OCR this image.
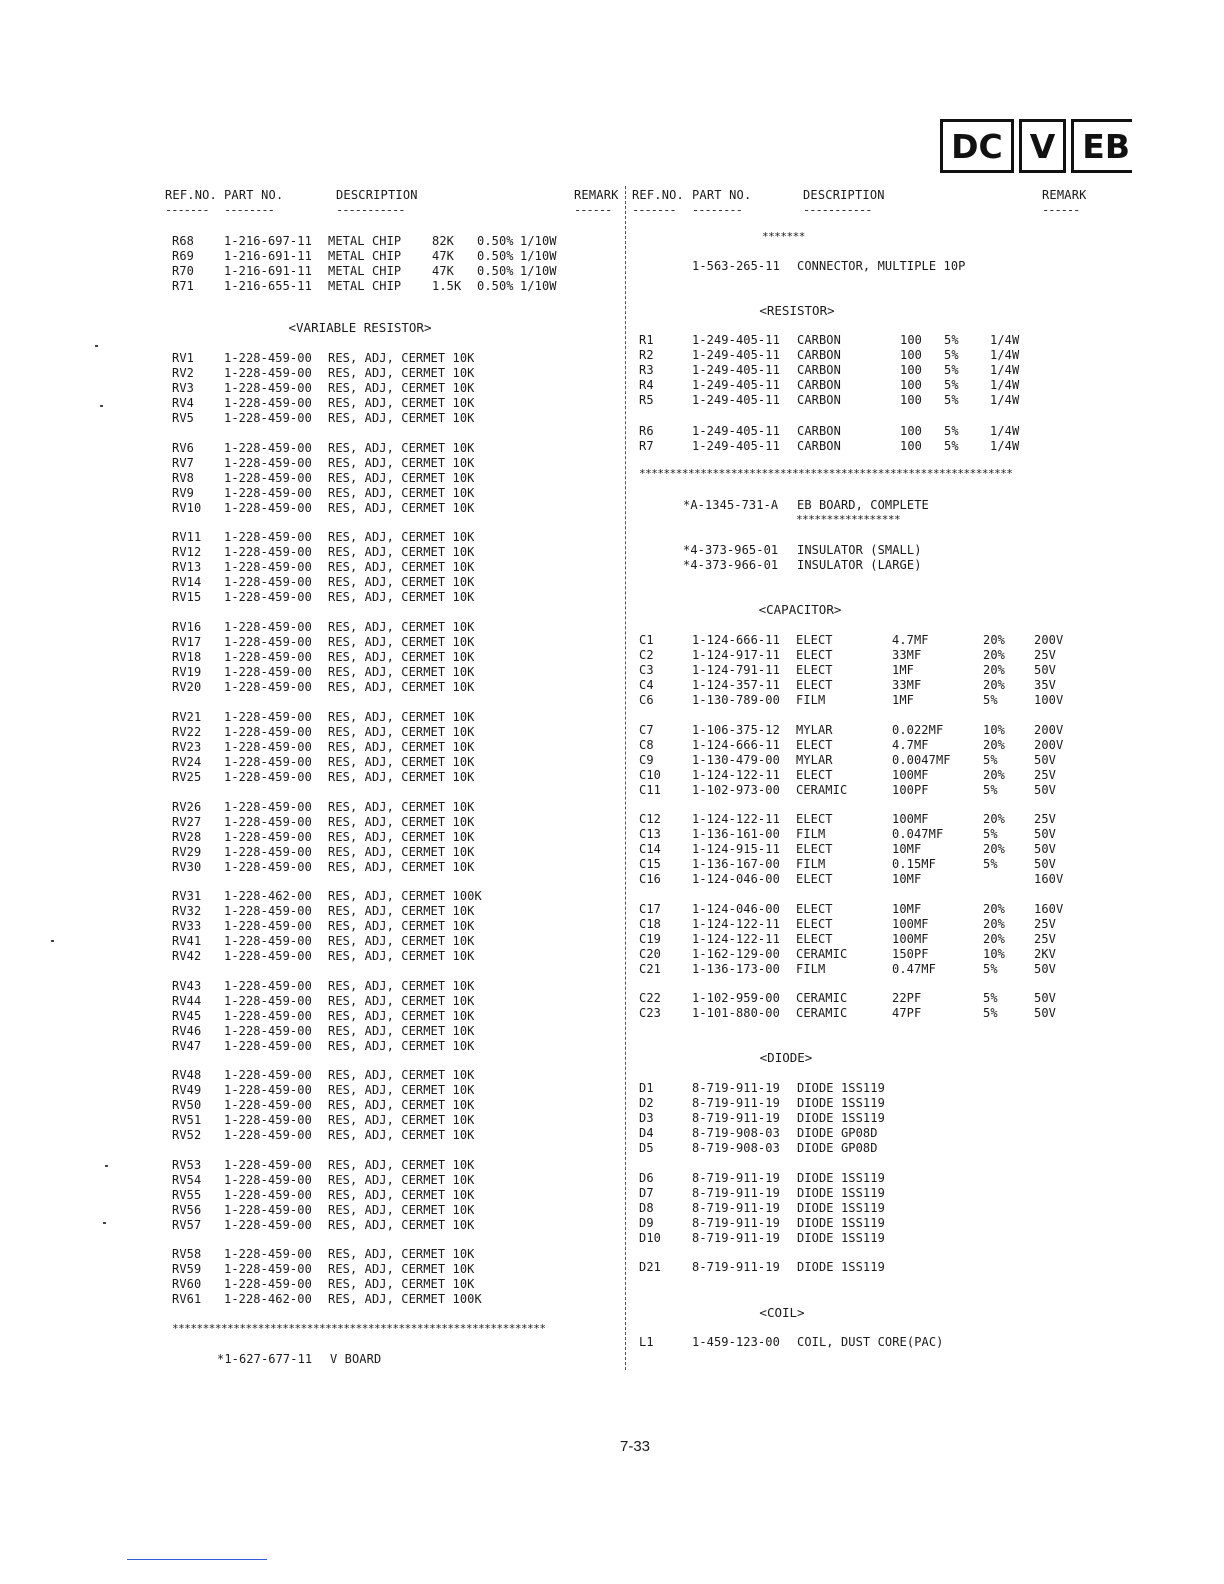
DC V EB
REF.NO. PART NO.	DESCRIPTION	REMARK
------- --------	-----------	------
REF.NO. PART NO.	DESCRIPTION	REMARK
------- --------	-----------	------
R68	1-216-697-11 METAL CHIP	82K 0.50% 1/10W
R69	1-216-691-11 METAL CHIP	47K 0.50% 1/10W
R70	1-216-691-11 METAL CHIP	47K 0.50% 1/10W
R71	1-216-655-11 METAL CHIP	1.5K 0.50% 1/10W
<VARIABLE RESISTOR>
RV1	1-228-459-00 RES, ADJ, CERMET 10K
RV2	1-228-459-00 RES, ADJ, CERMET 10K
RV3	1-228-459-00 RES, ADJ, CERMET 10K
RV4	1-228-459-00 RES, ADJ, CERMET 10K
RV5	1-228-459-00 RES, ADJ, CERMET 10K
RV6	1-228-459-00 RES, ADJ, CERMET 10K
RV7	1-228-459-00 RES, ADJ, CERMET 10K
RV8	1-228-459-00 RES, ADJ, CERMET 10K
RV9	1-228-459-00 RES, ADJ, CERMET 10K
RV10 1-228-459-00 RES, ADJ, CERMET 10K
RV11 1-228-459-00 RES, ADJ, CERMET 10K
RV12 1-228-459-00 RES, ADJ, CERMET 10K
RV13 1-228-459-00 RES, ADJ, CERMET 10K
RV14 1-228-459-00 RES, ADJ, CERMET 10K
RV15 1-228-459-00 RES, ADJ, CERMET 10K
RV16 1-228-459-00 RES, ADJ, CERMET 10K
RV17 1-228-459-00 RES, ADJ, CERMET 10K
RV18 1-228-459-00 RES, ADJ, CERMET 10K
RV19 1-228-459-00 RES, ADJ, CERMET 10K
RV20 1-228-459-00 RES, ADJ, CERMET 10K
RV21 1-228-459-00 RES, ADJ, CERMET 10K
RV22 1-228-459-00 RES, ADJ, CERMET 10K
RV23 1-228-459-00 RES, ADJ, CERMET 10K
RV24 1-228-459-00 RES, ADJ, CERMET 10K
RV25 1-228-459-00 RES, ADJ, CERMET 10K
RV26 1-228-459-00 RES, ADJ, CERMET 10K
RV27 1-228-459-00 RES, ADJ, CERMET 10K
RV28 1-228-459-00 RES, ADJ, CERMET 10K
RV29 1-228-459-00 RES, ADJ, CERMET 10K
RV30 1-228-459-00 RES, ADJ, CERMET 10K
RV31 1-228-462-00 RES, ADJ, CERMET 100K
RV32 1-228-459-00 RES, ADJ, CERMET 10K
RV33 1-228-459-00 RES, ADJ, CERMET 10K
RV41 1-228-459-00 RES, ADJ, CERMET 10K
RV42 1-228-459-00 RES, ADJ, CERMET 10K
RV43 1-228-459-00 RES, ADJ, CERMET 10K
RV44 1-228-459-00 RES, ADJ, CERMET 10K
RV45 1-228-459-00 RES, ADJ, CERMET 10K
RV46 1-228-459-00 RES, ADJ, CERMET 10K
RV47 1-228-459-00 RES, ADJ, CERMET 10K
RV48 1-228-459-00 RES, ADJ, CERMET 10K
RV49 1-228-459-00 RES, ADJ, CERMET 10K
RV50 1-228-459-00 RES, ADJ, CERMET 10K
RV51 1-228-459-00 RES, ADJ, CERMET 10K
RV52 1-228-459-00 RES, ADJ, CERMET 10K
RV53 1-228-459-00 RES, ADJ, CERMET 10K
RV54 1-228-459-00 RES, ADJ, CERMET 10K
RV55 1-228-459-00 RES, ADJ, CERMET 10K
RV56 1-228-459-00 RES, ADJ, CERMET 10K
RV57 1-228-459-00 RES, ADJ, CERMET 10K
RV58 1-228-459-00 RES, ADJ, CERMET 10K
RV59 1-228-459-00 RES, ADJ, CERMET 10K
RV60 1-228-459-00 RES, ADJ, CERMET 10K
RV61 1-228-462-00 RES, ADJ, CERMET 100K
*************************************************************
*1-627-677-11 V BOARD
*******
1-563-265-11 CONNECTOR, MULTIPLE 10P
<RESISTOR>
R1	1-249-405-11 CARBON	100 5%	1/4W
R2	1-249-405-11 CARBON	100 5%	1/4W
R3	1-249-405-11 CARBON	100 5%	1/4W
R4	1-249-405-11 CARBON	100 5%	1/4W
R5	1-249-405-11 CARBON	100 5%	1/4W
R6	1-249-405-11 CARBON	100 5%	1/4W
R7	1-249-405-11 CARBON	100 5%	1/4W
*************************************************************
*A-1345-731-A EB BOARD, COMPLETE
*****************
*4-373-965-01 INSULATOR (SMALL)
*4-373-966-01 INSULATOR (LARGE)
<CAPACITOR>
C1	1-124-666-11 ELECT	4.7MF	20% 200V
C2	1-124-917-11 ELECT	33MF	20% 25V
C3	1-124-791-11 ELECT	1MF	20% 50V
C4	1-124-357-11 ELECT	33MF	20% 35V
C6	1-130-789-00 FILM	1MF	5%	100V
C7	1-106-375-12 MYLAR	0.022MF	10% 200V
C8	1-124-666-11 ELECT	4.7MF	20% 200V
C9	1-130-479-00 MYLAR	0.0047MF	5%	50V
C10	1-124-122-11 ELECT	100MF	20% 25V
C11	1-102-973-00 CERAMIC	100PF	5%	50V
C12	1-124-122-11 ELECT	100MF	20% 25V
C13	1-136-161-00 FILM	0.047MF	5%	50V
C14	1-124-915-11 ELECT	10MF	20% 50V
C15	1-136-167-00 FILM	0.15MF	5%	50V
C16	1-124-046-00 ELECT	10MF	160V
C17	1-124-046-00 ELECT	10MF	20% 160V
C18	1-124-122-11 ELECT	100MF	20% 25V
C19	1-124-122-11 ELECT	100MF	20% 25V
C20	1-162-129-00 CERAMIC	150PF	10% 2KV
C21	1-136-173-00 FILM	0.47MF	5%	50V
C22	1-102-959-00 CERAMIC	22PF	5%	50V
C23	1-101-880-00 CERAMIC	47PF	5%	50V
<DIODE>
D1	8-719-911-19 DIODE 1SS119
D2	8-719-911-19 DIODE 1SS119
D3	8-719-911-19 DIODE 1SS119
D4	8-719-908-03 DIODE GP08D
D5	8-719-908-03 DIODE GP08D
D6	8-719-911-19 DIODE 1SS119
D7	8-719-911-19 DIODE 1SS119
D8	8-719-911-19 DIODE 1SS119
D9	8-719-911-19 DIODE 1SS119
D10	8-719-911-19 DIODE 1SS119
D21	8-719-911-19 DIODE 1SS119
<COIL>
L1	1-459-123-00 COIL, DUST CORE(PAC)
7-33
